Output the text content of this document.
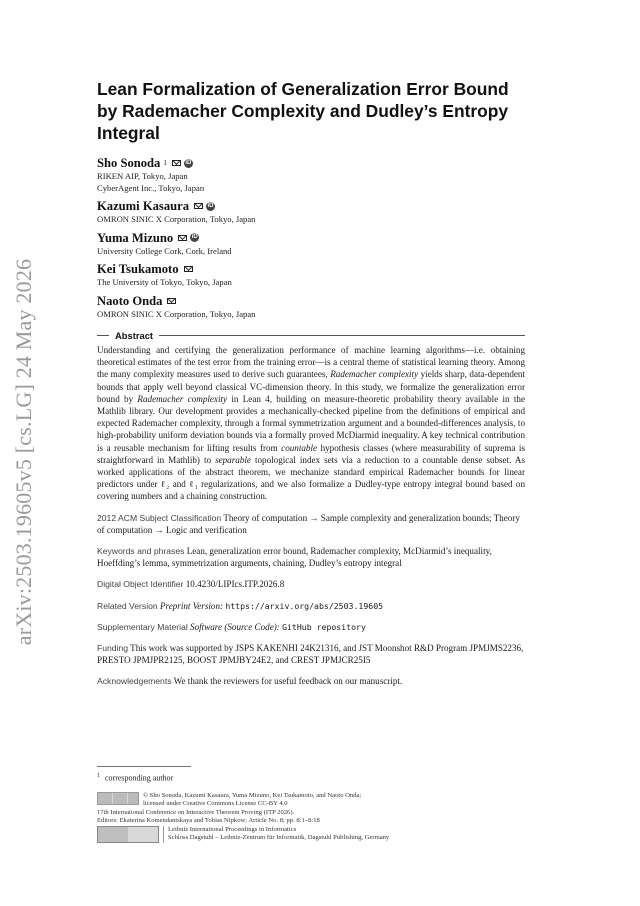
arXiv:2503.19605v5 [cs.LG] 24 May 2026
Lean Formalization of Generalization Error Bound by Rademacher Complexity and Dudley’s Entropy Integral
Sho Sonoda 1	iD
RIKEN AIP, Tokyo, Japan
CyberAgent Inc., Tokyo, Japan
Kazumi Kasaura	iD
OMRON SINIC X Corporation, Tokyo, Japan
Yuma Mizuno	iD
University College Cork, Cork, Ireland
Kei Tsukamoto
The University of Tokyo, Tokyo, Japan
Naoto Onda
OMRON SINIC X Corporation, Tokyo, Japan
Abstract

Understanding and certifying the generalization performance of machine learning algorithms—i.e. obtaining theoretical estimates of the test error from the training error—is a central theme of statistical learning theory. Among the many complexity measures used to derive such guarantees, Rademacher complexity yields sharp, data-dependent bounds that apply well beyond classical VC-dimension theory. In this study, we formalize the generalization error bound by Rademacher complexity in Lean 4, building on measure-theoretic probability theory available in the Mathlib library. Our development provides a mechanically-checked pipeline from the definitions of empirical and expected Rademacher complexity, through a formal symmetrization argument and a bounded-differences analysis, to high-probability uniform deviation bounds via a formally proved McDiarmid inequality. A key technical contribution is a reusable mechanism for lifting results from countable hypothesis classes (where measurability of suprema is straightforward in Mathlib) to separable topological index sets via a reduction to a countable dense subset. As worked applications of the abstract theorem, we mechanize standard empirical Rademacher bounds for linear predictors under ℓ₂ and ℓ₁ regularizations, and we also formalize a Dudley-type entropy integral bound based on covering numbers and a chaining construction.

2012 ACM Subject Classification Theory of computation → Sample complexity and generalization bounds; Theory of computation → Logic and verification
Keywords and phrases Lean, generalization error bound, Rademacher complexity, McDiarmid’s inequality, Hoeffding’s lemma, symmetrization arguments, chaining, Dudley’s entropy integral
Digital Object Identifier 10.4230/LIPIcs.ITP.2026.8
Related Version Preprint Version: https://arxiv.org/abs/2503.19605
Supplementary Material Software (Source Code): GitHub repository
Funding This work was supported by JSPS KAKENHI 24K21316, and JST Moonshot R&D Program JPMJMS2236, PRESTO JPMJPR2125, BOOST JPMJBY24E2, and CREST JPMJCR25I5
Acknowledgements We thank the reviewers for useful feedback on our manuscript.
$^1$ corresponding author
© Sho Sonoda, Kazumi Kasaura, Yuma Mizuno, Kei Tsukamoto, and Naoto Onda;
licensed under Creative Commons License CC-BY 4.0
17th International Conference on Interactive Theorem Proving (ITP 2026).
Editors: Ekaterina Komendantskaya and Tobias Nipkow; Article No. 8; pp. 8:1–8:18
Leibniz International Proceedings in Informatics
Schloss Dagstuhl – Leibniz-Zentrum für Informatik, Dagstuhl Publishing, Germany
